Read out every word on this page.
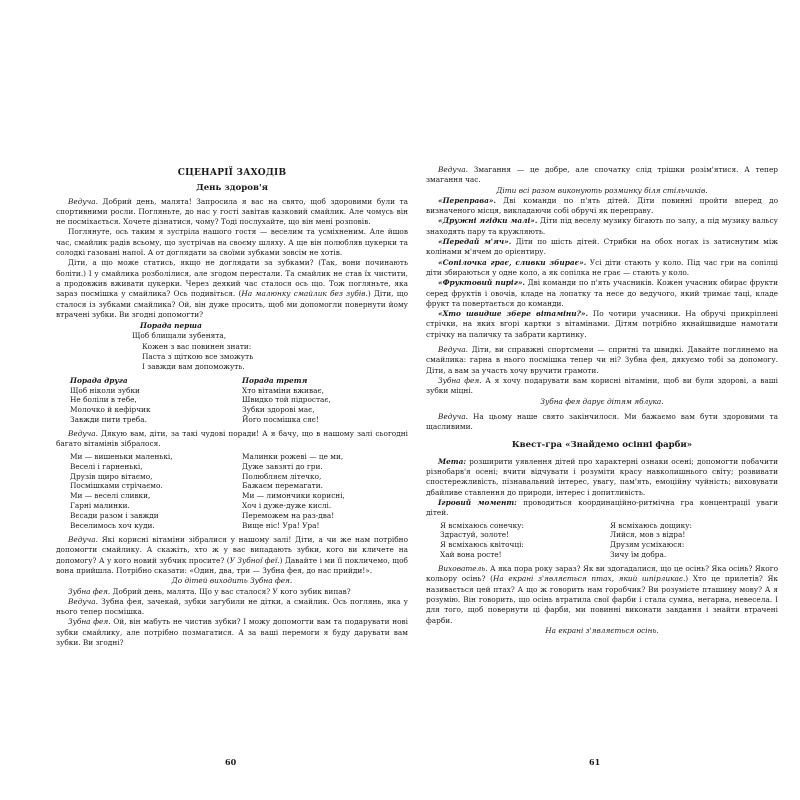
СЦЕНАРІЇ ЗАХОДІВ
День здоров'я

Ведуча. Добрий день, малята! Запросила я вас на свято, щоб здоровими були та спортивними росли. Погляньте, до нас у гості завітав казковий смайлик. Але чомусь він не посміхається. Хочете дізнатися, чому? Тоді послухайте, що він мені розповів.

Поглянуте, ось таким я зустріла нашого гостя — веселим та усміхненим. Але йшов час, смайлик радів всьому, що зустрічав на своєму шляху. А ще він полюбляв цукерки та солодкі газовані напої. А от доглядати за своїми зубками зовсім не хотів.

Діти, а що може статись, якщо не доглядати за зубками? (Так, вони починають боліти.) І у смайлика розболілися, але згодом перестали. Та смайлик не став їх чистити, а продовжив вживати цукерки. Через деякий час сталося ось що. Тож погляньте, яка зараз посмішка у смайлика? Ось подивіться. (На малюнку смайлик без зубів.) Діти, що сталося із зубками смайлика? Ой, він дуже просить, щоб ми допомогли повернути йому втрачені зубки. Ви згодні допомогти?

Порада перша
Щоб блищали зубенята,
Кожен з вас повинен знати:
Паста з щіткою все зможуть
І завжди вам допоможуть.
Порада друга
Щоб ніколи зубки
Не боліли в тебе,
Молочко й кефірчик
Завжди пити треба.
Порада третя
Хто вітаміни вживає,
Швидко той підростає,
Зубки здорові має,
Його посмішка сяє!

Ведуча. Дякую вам, діти, за такі чудові поради! А я бачу, що в нашому залі сьогодні багато вітамінів зібралося.

Ми — вишеньки маленькі,
Веселі і гарненькі,
Друзів щиро вітаємо,
Посмішками стрічаємо.
Ми — веселі сливки,
Гарні малинки.
Вєсади разом і завжди
Веселимось хоч куди.
Малинки рожеві — це ми,
Дуже завзяті до гри.
Полюбляєм літечко,
Бажаєм перемагати.
Ми — лимончики корисні,
Хоч і дуже-дуже кислі.
Переможем на раз-два!
Вище ніс! Ура! Ура!

Ведуча. Які корисні вітаміни зібралися у нашому залі! Діти, а чи же нам потрібно допомогти смайлику. А скажіть, хто ж у вас випадають зубки, кого ви кличете на допомогу? А у кого новий зубчик просите? (У Зубної феї.) Давайте і ми її покличемо, щоб вона прийшла. Потрібно сказати: «Один, два, три — Зубна фея, до нас прийди!».

До дітей виходить Зубна фея.

Зубна фея. Добрий день, малята. Що у вас сталося? У кого зубик випав?

Ведуча. Зубна фея, зачекай, зубки загубили не дітки, а смайлик. Ось поглянь, яка у нього тепер посмішка.

Зубна фея. Ой, він мабуть не чистив зубки? І можу допомогти вам та подарувати нові зубки смайлику, але потрібно позмагатися. А за ваші перемоги я буду дарувати вам зубки. Ви згодні?

60

Ведуча. Змагання — це добре, але спочатку слід трішки розім'ятися. А тепер змагання час.

Діти всі разом виконують розминку біля стільчиків.

«Переправа». Дві команди по п'ять дітей. Діти повинні пройти вперед до визначеного місця, викладаючи собі обручі як переправу.

«Дружні ягідки малі». Діти під веселу музику бігають по залу, а під музику вальсу знаходять пару та кружляють.

«Передай м'яч». Діти по шість дітей. Стрибки на обох ногах із затиснутим між колінами м'ячем до орієнтиру.

«Сопілочка грає, сливки збирає». Усі діти стають у коло. Під час гри на сопілці діти збираються у одне коло, а як сопілка не грає — стають у коло.

«Фруктовий пиріг». Дві команди по п'ять учасників. Кожен учасник обирає фрукти серед фруктів і овочів, кладе на лопатку та несе до ведучого, який тримає таці, кладе фрукт та повертається до команди.

«Хто швидше збере вітаміни?». По чотири учасники. На обручі прикріплені стрічки, на яких вгорі картки з вітамінами. Дітям потрібно якнайшвидше намотати стрічку на паличку та забрати картинку.

Ведуча. Діти, ви справжні спортсмени — спритні та швидкі. Давайте поглянемо на смайлика: гарна в нього посмішка тепер чи ні? Зубна фея, дякуємо тобі за допомогу. Діти, а вам за участь хочу вручити грамоти.

Зубна фея. А я хочу подарувати вам корисні вітаміни, щоб ви були здорові, а ваші зубки міцні.

Зубна фея дарує дітям яблука.

Ведуча. На цьому наше свято закінчилося. Ми бажаємо вам бути здоровими та щасливими.

Квест-гра «Знайдемо осінні фарби»

Мета: розширити уявлення дітей про характерні ознаки осені; допомогти побачити різнобарв'я осені; вчити відчувати і розуміти красу навколишнього світу; розвивати спостережливість, пізнавальний інтерес, увагу, пам'ять, емоційну чуйність; виховувати дбайливе ставлення до природи, інтерес і допитливість.

Ігровий момент: проводиться координаційно-ритмічна гра концентрації уваги дітей.

Я всміхаюсь сонечку:
Здрастуй, золоте!
Я всміхаюсь квіточці:
Хай вона росте!
Я всміхаюсь дощику:
Лийся, мов з відра!
Друзям усміхаюся:
Зичу їм добра.

Вихователь. А яка пора року зараз? Як ви здогадалися, що це осінь? Яка осінь? Якого кольору осінь? (На екрані з'являється птах, який шпірликає.) Хто це прилетів? Як називається цей птах? А що ж говорить нам горобчик? Ви розумієте пташину мову? А я розумію. Він говорить, що осінь втратила свої фарби і стала сумна, негарна, невесела. І для того, щоб повернути ці фарби, ми повинні виконати завдання і знайти втрачені фарби.

На екрані з'являється осінь.

61
